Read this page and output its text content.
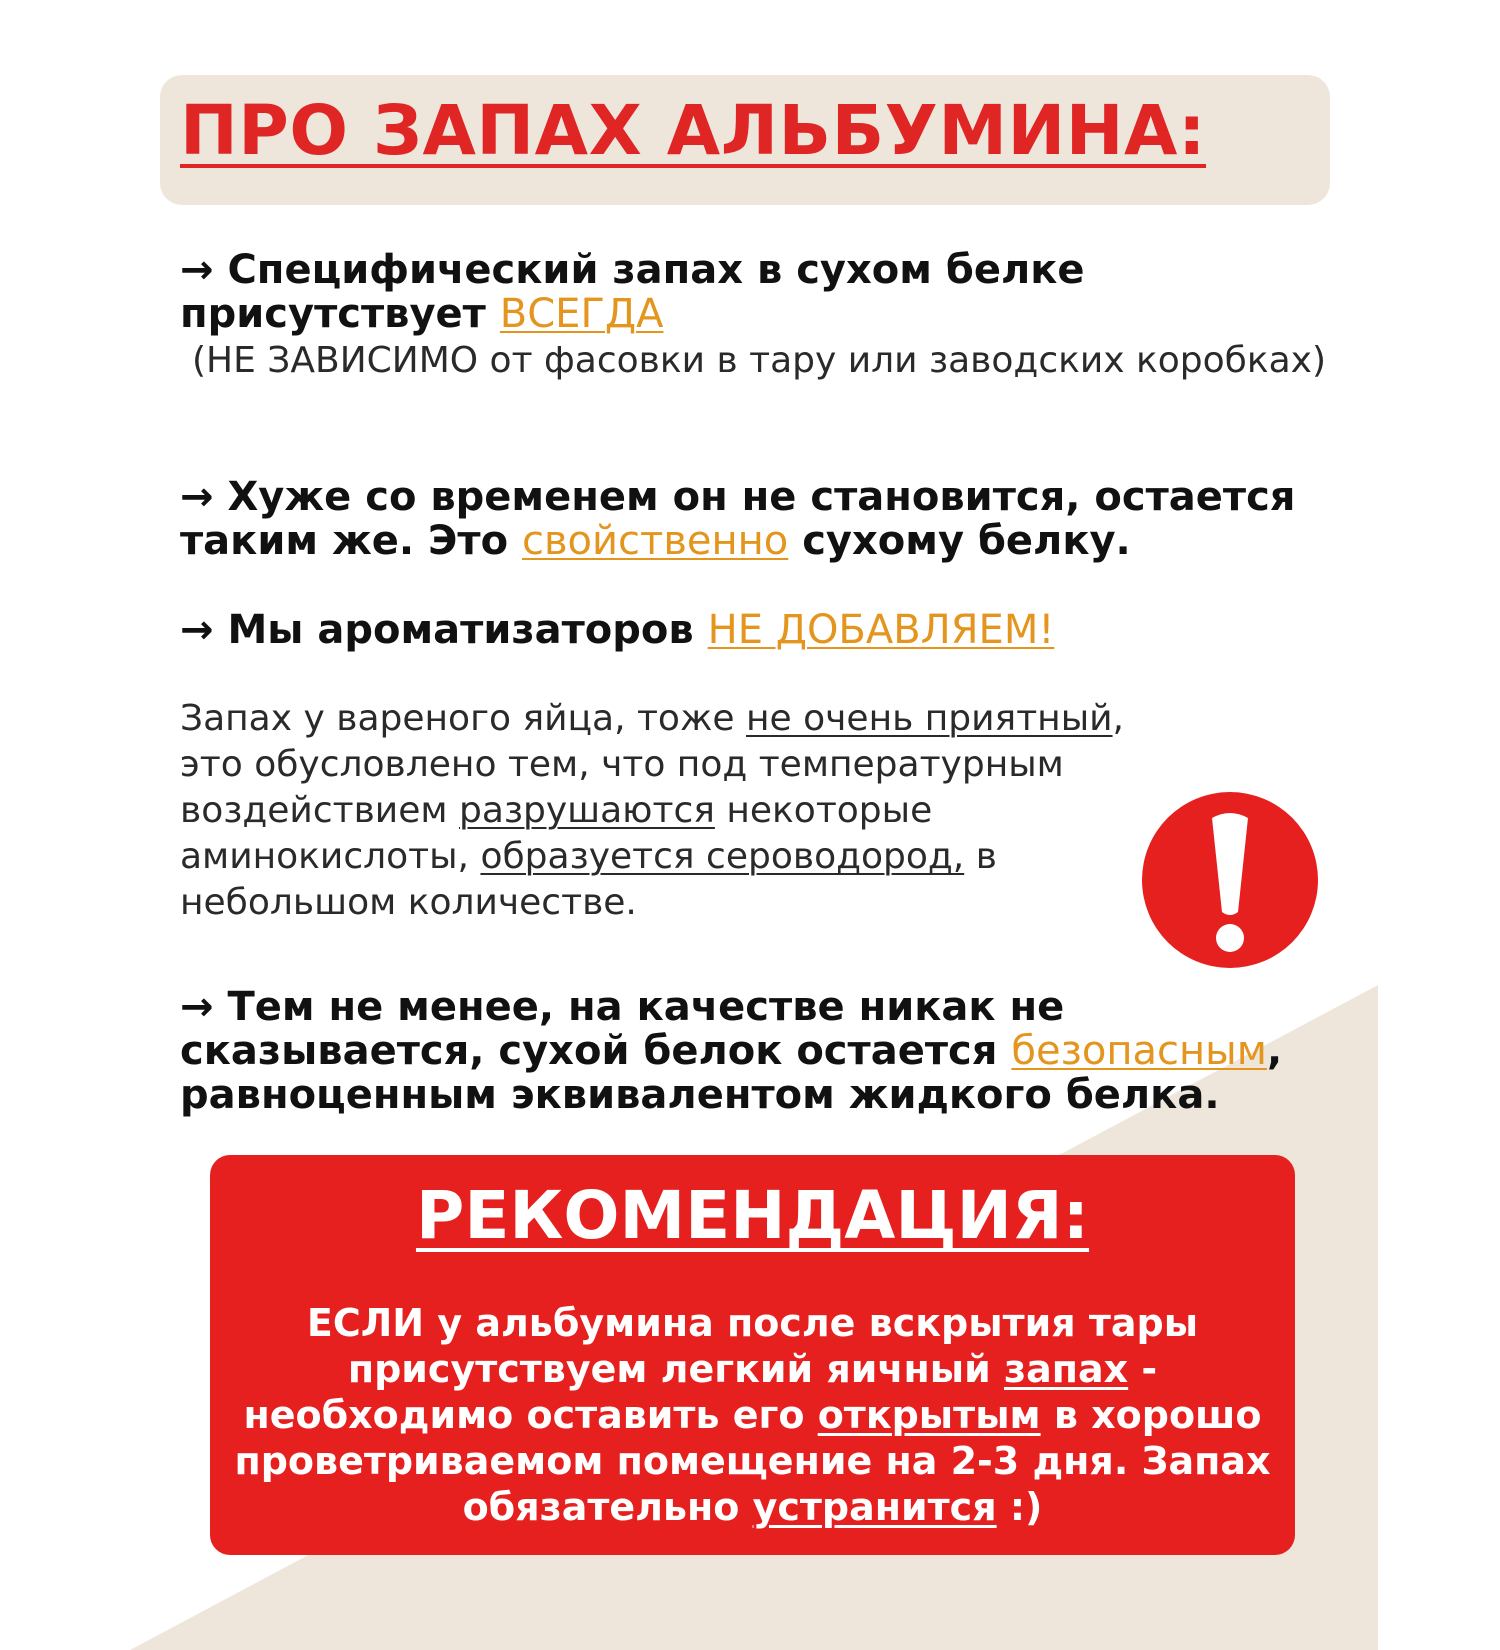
ПРО ЗАПАХ АЛЬБУМИНА:

→ Специфический запах в сухом белке присутствует ВСЕГДА

(НЕ ЗАВИСИМО от фасовки в тару или заводских коробках)

→ Хуже со временем он не становится, остается таким же. Это свойственно сухому белку.

→ Мы ароматизаторов НЕ ДОБАВЛЯЕМ!

Запах у вареного яйца, тоже не очень приятный, это обусловлено тем, что под температурным воздействием разрушаются некоторые аминокислоты, образуется сероводород, в небольшом количестве.

→ Тем не менее, на качестве никак не сказывается, сухой белок остается безопасным, равноценным эквивалентом жидкого белка.

РЕКОМЕНДАЦИЯ:

ЕСЛИ у альбумина после вскрытия тары присутствуем легкий яичный запах - необходимо оставить его открытым в хорошо проветриваемом помещение на 2-3 дня. Запах обязательно устранится :)
